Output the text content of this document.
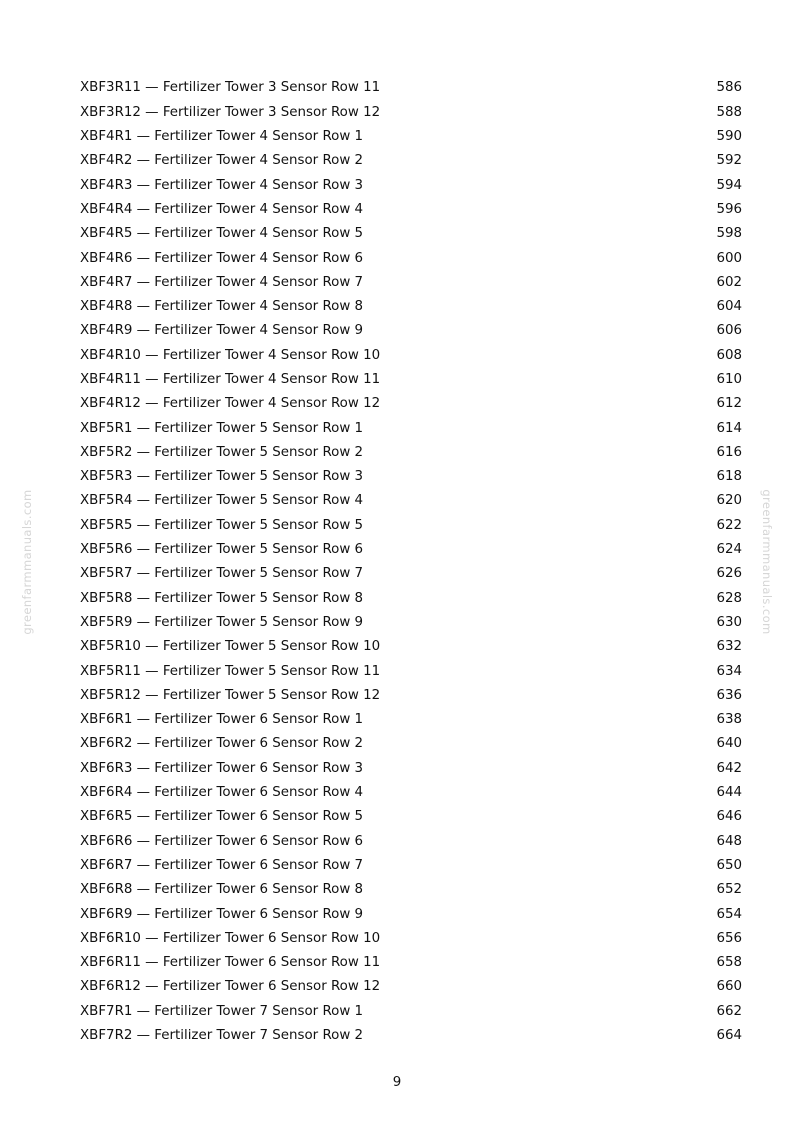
greenfarmmanuals.com	greenfarmmanuals.com
XBF3R11 — Fertilizer Tower 3 Sensor Row 11	586
XBF3R12 — Fertilizer Tower 3 Sensor Row 12	588
XBF4R1 — Fertilizer Tower 4 Sensor Row 1	590
XBF4R2 — Fertilizer Tower 4 Sensor Row 2	592
XBF4R3 — Fertilizer Tower 4 Sensor Row 3	594
XBF4R4 — Fertilizer Tower 4 Sensor Row 4	596
XBF4R5 — Fertilizer Tower 4 Sensor Row 5	598
XBF4R6 — Fertilizer Tower 4 Sensor Row 6	600
XBF4R7 — Fertilizer Tower 4 Sensor Row 7	602
XBF4R8 — Fertilizer Tower 4 Sensor Row 8	604
XBF4R9 — Fertilizer Tower 4 Sensor Row 9	606
XBF4R10 — Fertilizer Tower 4 Sensor Row 10	608
XBF4R11 — Fertilizer Tower 4 Sensor Row 11	610
XBF4R12 — Fertilizer Tower 4 Sensor Row 12	612
XBF5R1 — Fertilizer Tower 5 Sensor Row 1	614
XBF5R2 — Fertilizer Tower 5 Sensor Row 2	616
XBF5R3 — Fertilizer Tower 5 Sensor Row 3	618
XBF5R4 — Fertilizer Tower 5 Sensor Row 4	620
XBF5R5 — Fertilizer Tower 5 Sensor Row 5	622
XBF5R6 — Fertilizer Tower 5 Sensor Row 6	624
XBF5R7 — Fertilizer Tower 5 Sensor Row 7	626
XBF5R8 — Fertilizer Tower 5 Sensor Row 8	628
XBF5R9 — Fertilizer Tower 5 Sensor Row 9	630
XBF5R10 — Fertilizer Tower 5 Sensor Row 10	632
XBF5R11 — Fertilizer Tower 5 Sensor Row 11	634
XBF5R12 — Fertilizer Tower 5 Sensor Row 12	636
XBF6R1 — Fertilizer Tower 6 Sensor Row 1	638
XBF6R2 — Fertilizer Tower 6 Sensor Row 2	640
XBF6R3 — Fertilizer Tower 6 Sensor Row 3	642
XBF6R4 — Fertilizer Tower 6 Sensor Row 4	644
XBF6R5 — Fertilizer Tower 6 Sensor Row 5	646
XBF6R6 — Fertilizer Tower 6 Sensor Row 6	648
XBF6R7 — Fertilizer Tower 6 Sensor Row 7	650
XBF6R8 — Fertilizer Tower 6 Sensor Row 8	652
XBF6R9 — Fertilizer Tower 6 Sensor Row 9	654
XBF6R10 — Fertilizer Tower 6 Sensor Row 10	656
XBF6R11 — Fertilizer Tower 6 Sensor Row 11	658
XBF6R12 — Fertilizer Tower 6 Sensor Row 12	660
XBF7R1 — Fertilizer Tower 7 Sensor Row 1	662
XBF7R2 — Fertilizer Tower 7 Sensor Row 2	664
9
